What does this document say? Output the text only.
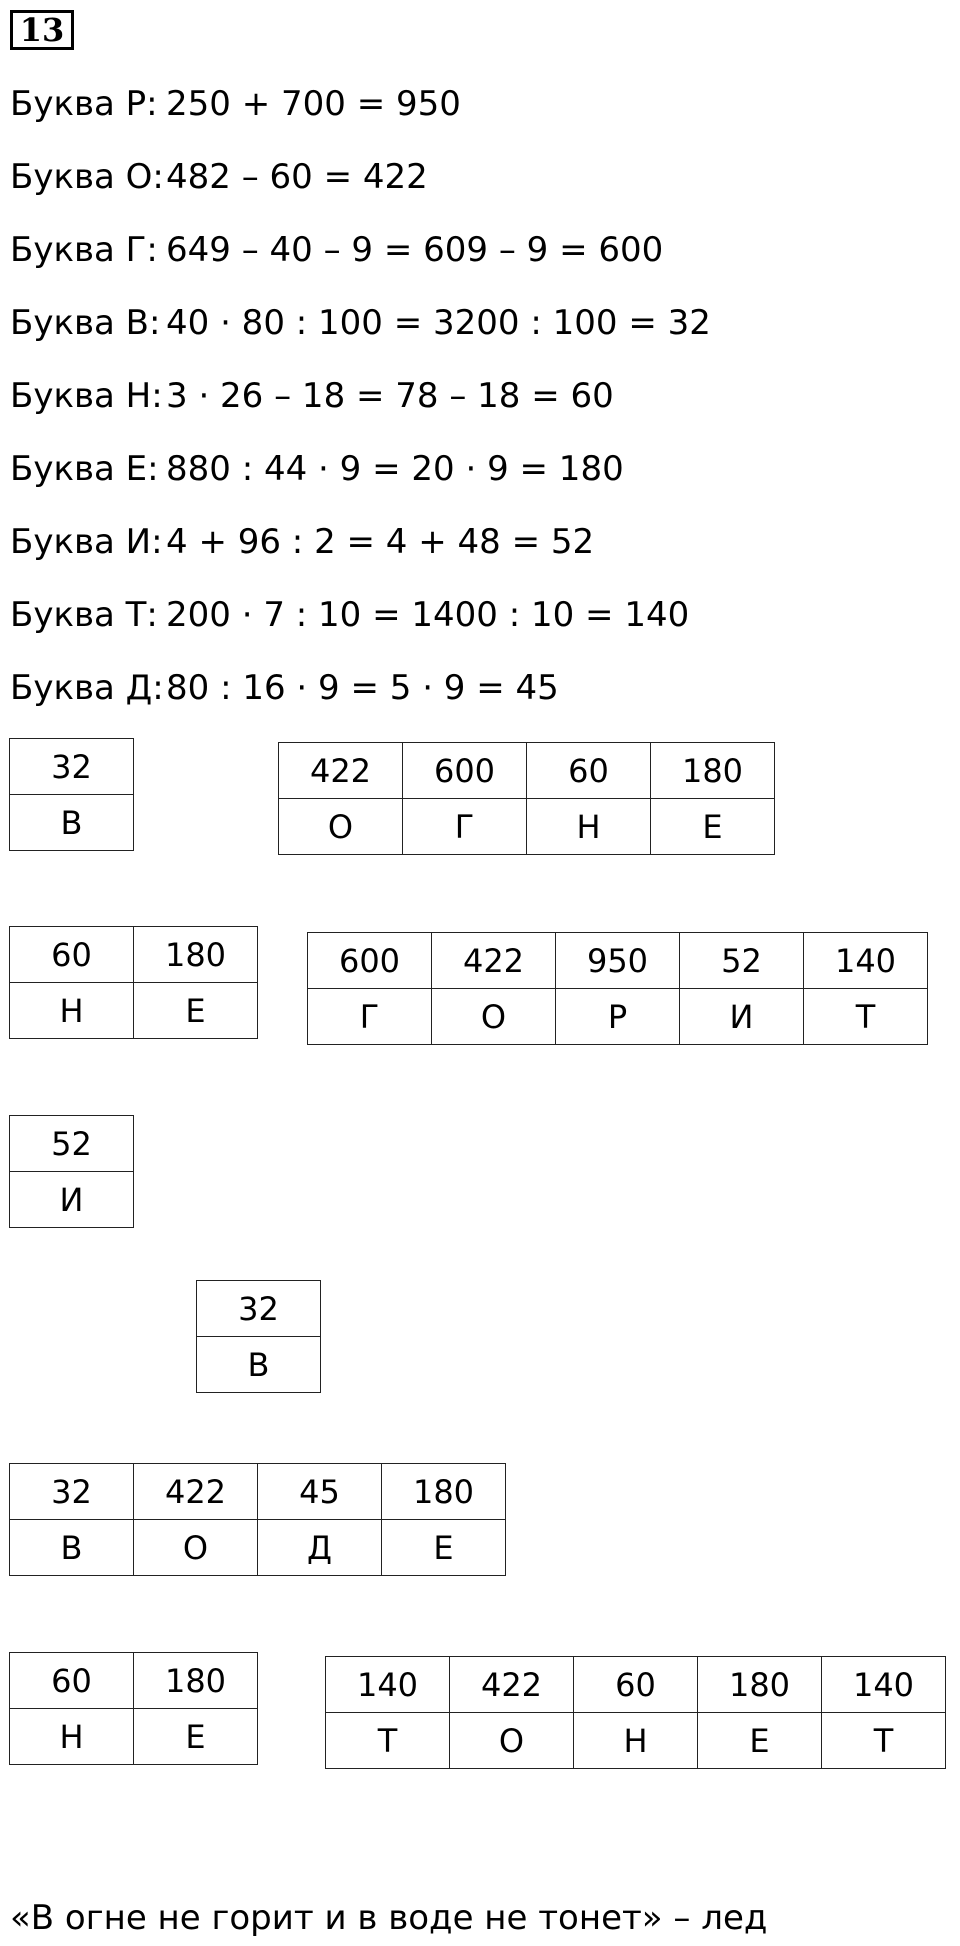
13
Буква Р: 250 + 700 = 950
Буква О:482 – 60 = 422
Буква Г: 649 – 40 – 9 = 609 – 9 = 600
Буква В: 40 · 80 : 100 = 3200 : 100 = 32
Буква Н:3 · 26 – 18 = 78 – 18 = 60
Буква Е: 880 : 44 · 9 = 20 · 9 = 180
Буква И: 4 + 96 : 2 = 4 + 48 = 52
Буква Т: 200 · 7 : 10 = 1400 : 10 = 140
Буква Д:80 : 16 · 9 = 5 · 9 = 45
32
В
422	600	60	180
О	Г	Н	Е
60	180
Н	Е
600	422	950	52	140
Г	О	Р	И	Т
52
И
32
В
32	422	45	180
В	О	Д	Е
60	180
Н	Е
140	422	60	180	140
Т	О	Н	Е	Т
«В огне не горит и в воде не тонет» – лед
